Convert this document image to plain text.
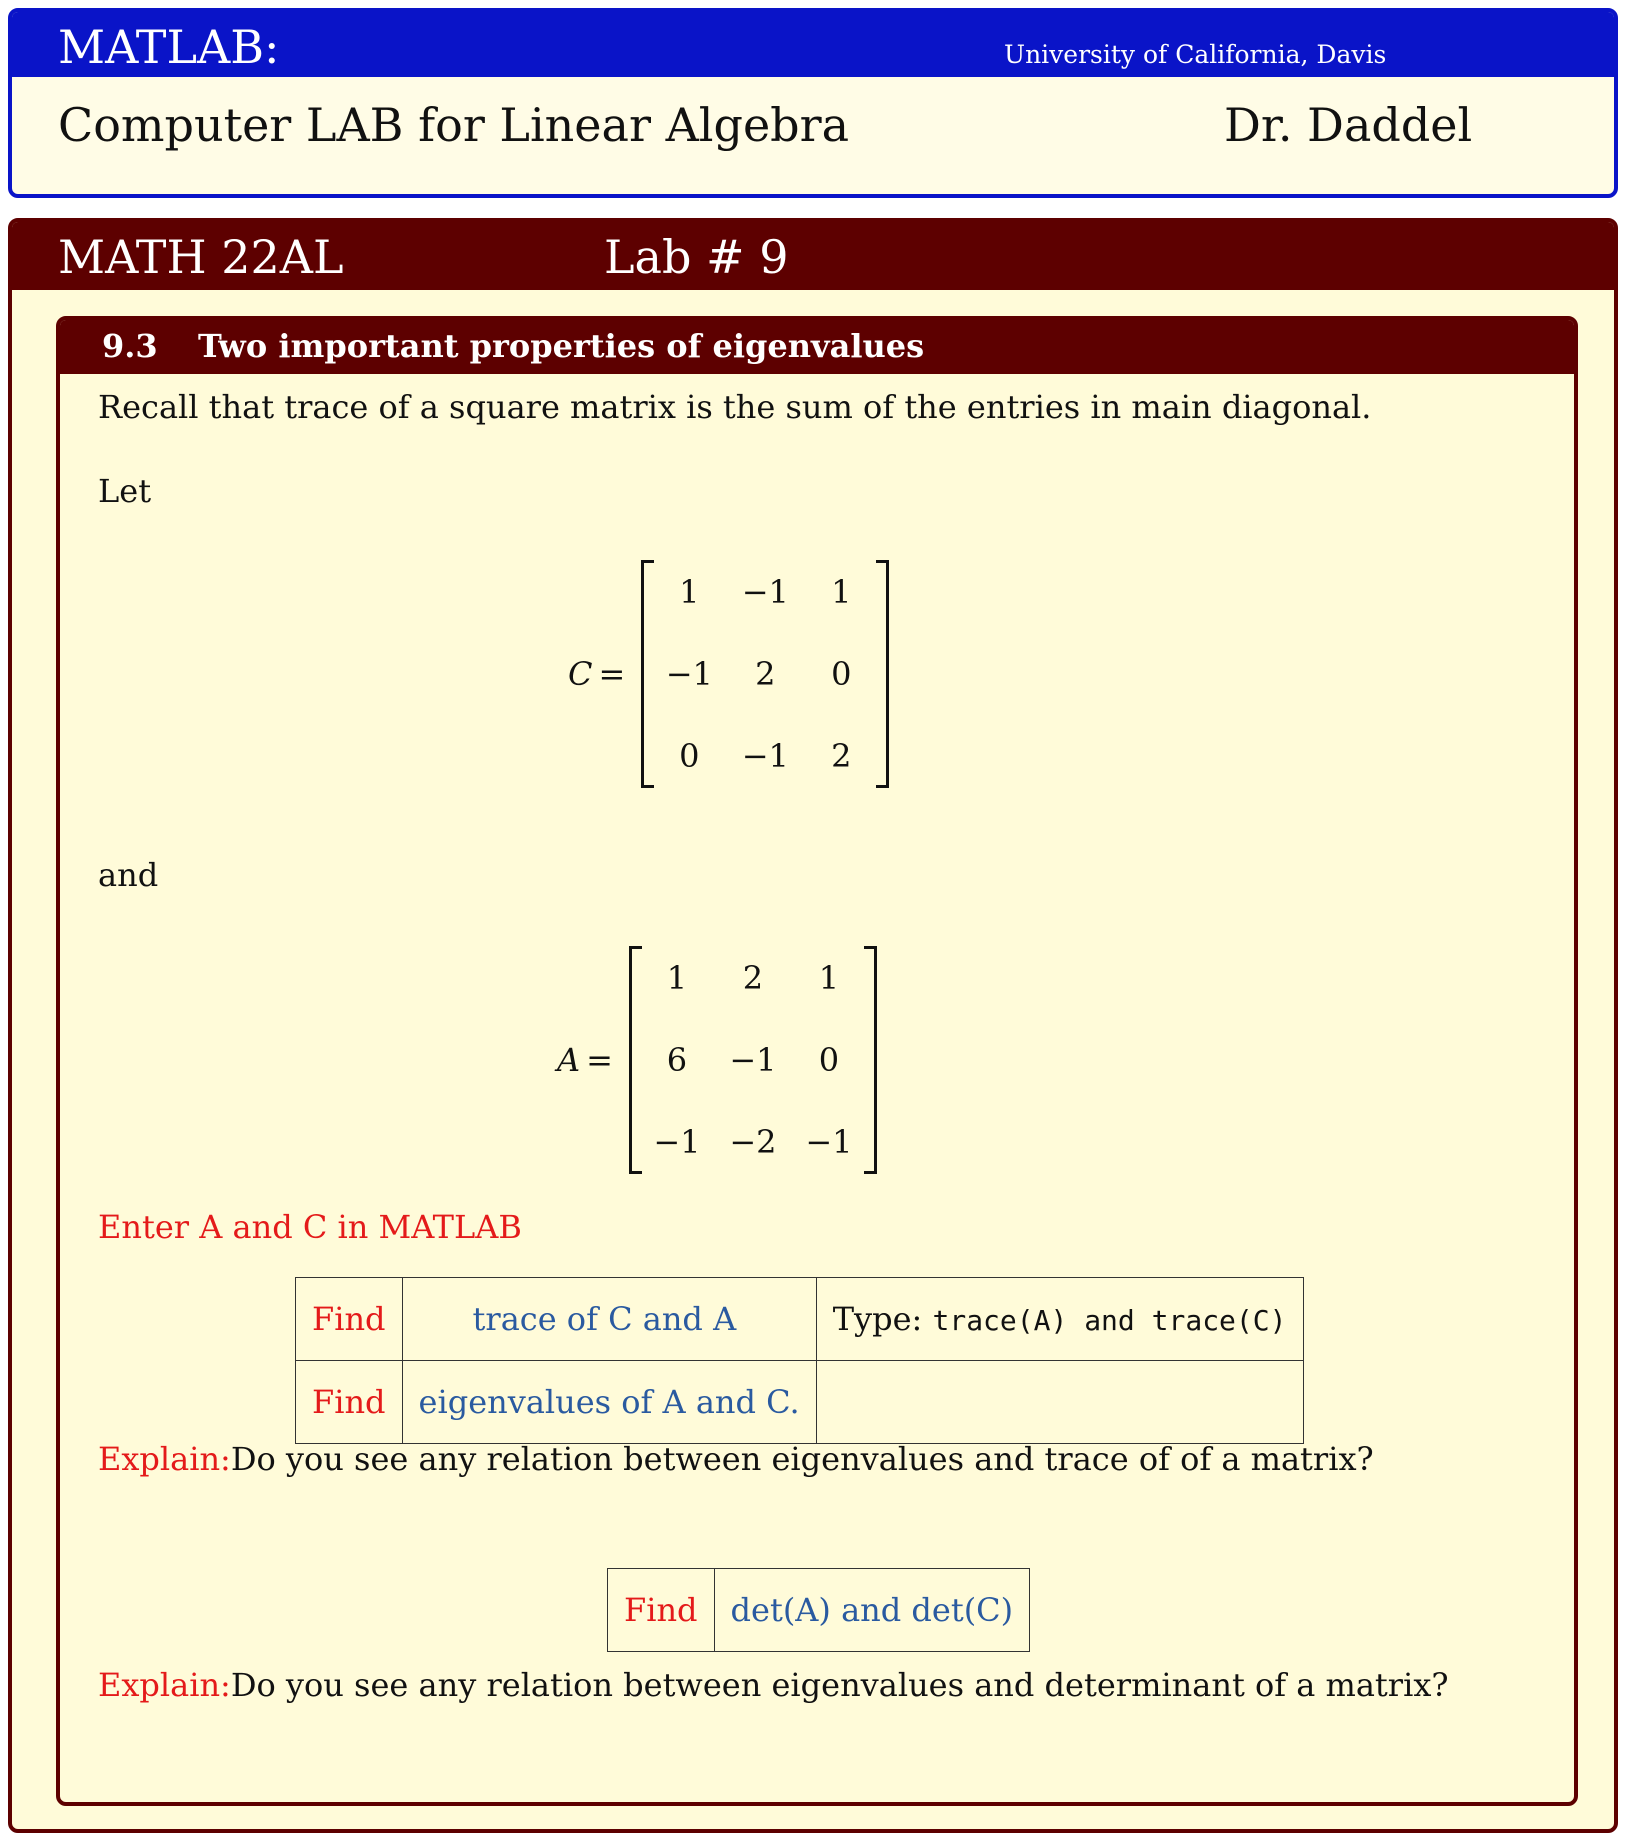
MATLAB:	University of California, Davis
Computer LAB for Linear Algebra	Dr. Daddel
MATH 22AL	Lab # 9
9.3 Two important properties of eigenvalues
Recall that trace of a square matrix is the sum of the entries in main diagonal.
Let
C =
1	−1	1
−1	2	0
0	−1	2
and
A =
1	2	1
6	−1	0
−1 −2 −1
Enter A and C in MATLAB
Find	trace of C and A	Type: trace(A) and trace(C)
Find	eigenvalues of A and C.	
Explain:Do you see any relation between eigenvalues and trace of of a matrix?
Find	det(A) and det(C)
Explain:Do you see any relation between eigenvalues and determinant of a matrix?
